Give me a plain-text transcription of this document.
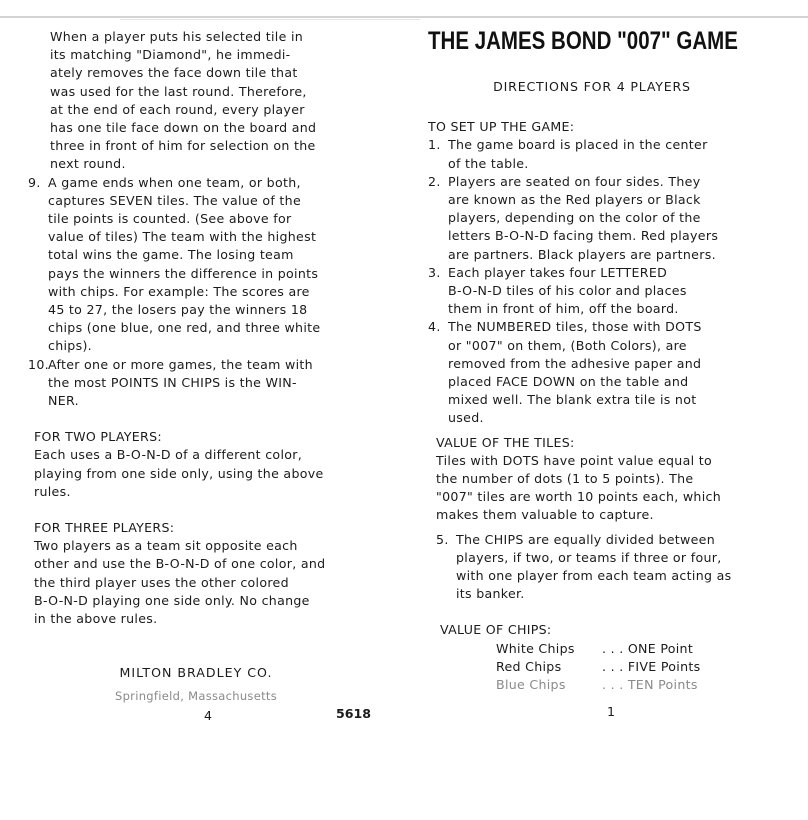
When a player puts his selected tile in

its matching "Diamond", he immedi-

ately removes the face down tile that

was used for the last round. Therefore,

at the end of each round, every player

has one tile face down on the board and

three in front of him for selection on the

next round.

9. A game ends when one team, or both,

captures SEVEN tiles. The value of the

tile points is counted. (See above for

value of tiles) The team with the highest

total wins the game. The losing team

pays the winners the difference in points

with chips. For example: The scores are

45 to 27, the losers pay the winners 18

chips (one blue, one red, and three white

chips).

10. After one or more games, the team with

the most POINTS IN CHIPS is the WIN-

NER.

FOR TWO PLAYERS:

Each uses a B-O-N-D of a different color,

playing from one side only, using the above

rules.

FOR THREE PLAYERS:

Two players as a team sit opposite each

other and use the B-O-N-D of one color, and

the third player uses the other colored

B-O-N-D playing one side only. No change

in the above rules.

MILTON BRADLEY CO.

Springfield, Massachusetts

4	5618
THE JAMES BOND "007" GAME

DIRECTIONS FOR 4 PLAYERS

TO SET UP THE GAME:

1. The game board is placed in the center

of the table.

2. Players are seated on four sides. They

are known as the Red players or Black

players, depending on the color of the

letters B-O-N-D facing them. Red players

are partners. Black players are partners.

3. Each player takes four LETTERED

B-O-N-D tiles of his color and places

them in front of him, off the board.

4. The NUMBERED tiles, those with DOTS

or "007" on them, (Both Colors), are

removed from the adhesive paper and

placed FACE DOWN on the table and

mixed well. The blank extra tile is not

used.

VALUE OF THE TILES:

Tiles with DOTS have point value equal to

the number of dots (1 to 5 points). The

"007" tiles are worth 10 points each, which

makes them valuable to capture.

5. The CHIPS are equally divided between

players, if two, or teams if three or four,

with one player from each team acting as

its banker.

VALUE OF CHIPS:

White Chips	. . . ONE Point
Red Chips	. . . FIVE Points
Blue Chips	. . . TEN Points
1
